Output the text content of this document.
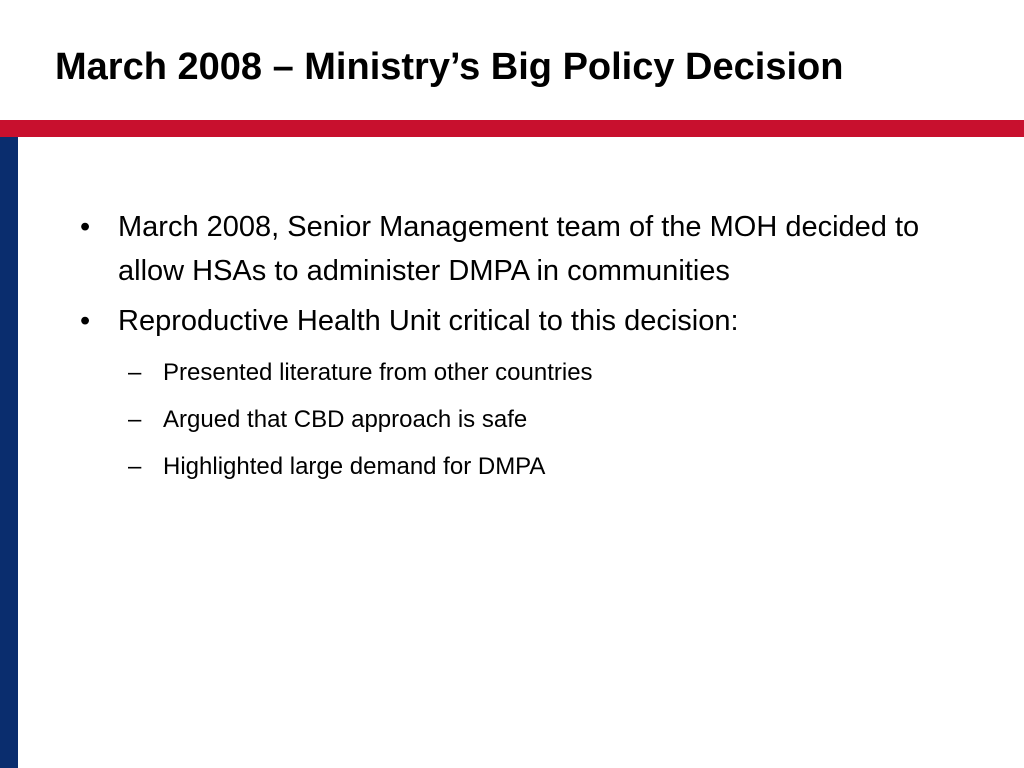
March 2008 – Ministry’s Big Policy Decision
• March 2008, Senior Management team of the MOH decided to allow HSAs to administer DMPA in communities
• Reproductive Health Unit critical to this decision:
– Presented literature from other countries
– Argued that CBD approach is safe
– Highlighted large demand for DMPA
